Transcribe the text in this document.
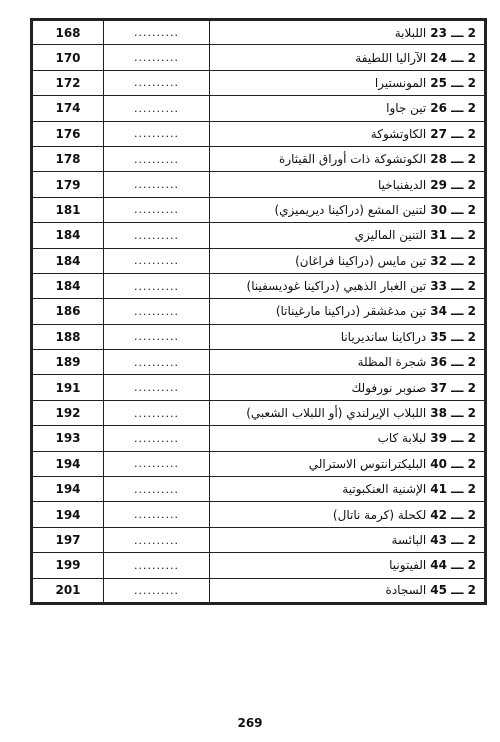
168	..........	2 ـــ 23اللبلابة
170	..........	2 ـــ 24الآراليا اللطيفة
172	..........	2 ـــ 25المونستيرا
174	..........	2 ـــ 26تين جاوا
176	..........	2 ـــ 27الكاوتشوكة
178	..........	2 ـــ 28الكوتشوكة ذات أوراق القيثارة
179	..........	2 ـــ 29الديفنباخيا
181	..........	2 ـــ 30لتنين المشع (دراكينا ديريميزي)
184	..........	2 ـــ 31التنين الماليزي
184	..........	2 ـــ 32تين مايس (دراكينا فراغان)
184	..........	2 ـــ 33تين الغبار الذهبي (دراكينا غوديسفينا)
186	..........	2 ـــ 34تين مدغشقر (دراكينا مارغيناتا)
188	..........	2 ـــ 35دراكاينا سانديريانا
189	..........	2 ـــ 36شجرة المظلة
191	..........	2 ـــ 37صنوبر نورفولك
192	..........	2 ـــ 38اللبلاب الإيرلندي (أو اللبلاب الشعبي)
193	..........	2 ـــ 39لبلابة كاب
194	..........	2 ـــ 40البليكترانتوس الاسترالي
194	..........	2 ـــ 41الإشنية العنكبوتية
194	..........	2 ـــ 42لكحلة (كرمة ناتال)
197	..........	2 ـــ 43البائسة
199	..........	2 ـــ 44الفيتونيا
201	..........	2 ـــ 45السجادة
269
